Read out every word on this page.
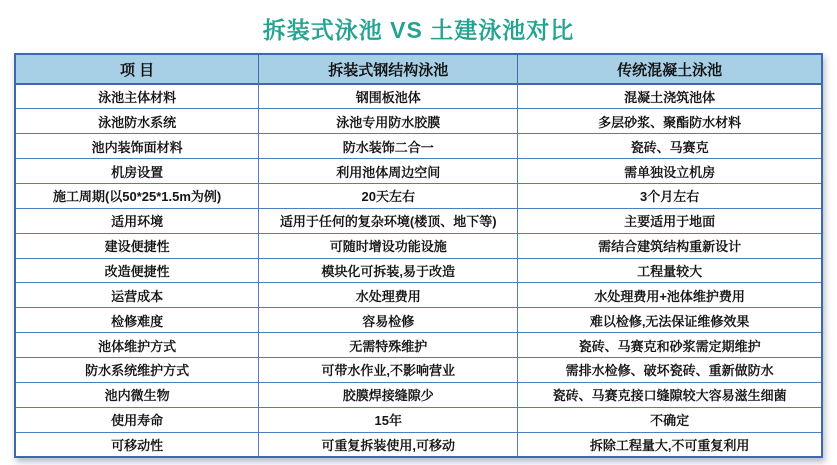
拆装式泳池 VS 土建泳池对比
项 目	拆装式钢结构泳池	传统混凝土泳池
泳池主体材料	钢围板池体	混凝土浇筑池体
泳池防水系统	泳池专用防水胶膜	多层砂浆、聚酯防水材料
池内装饰面材料	防水装饰二合一	瓷砖、马赛克
机房设置	利用池体周边空间	需单独设立机房
施工周期(以50*25*1.5m为例)	20天左右	3个月左右
适用环境	适用于任何的复杂环境(楼顶、地下等)	主要适用于地面
建设便捷性	可随时增设功能设施	需结合建筑结构重新设计
改造便捷性	模块化可拆装,易于改造	工程量较大
运营成本	水处理费用	水处理费用+池体维护费用
检修难度	容易检修	难以检修,无法保证维修效果
池体维护方式	无需特殊维护	瓷砖、马赛克和砂浆需定期维护
防水系统维护方式	可带水作业,不影响营业	需排水检修、破坏瓷砖、重新做防水
池内微生物	胶膜焊接缝隙少	瓷砖、马赛克接口缝隙较大容易滋生细菌
使用寿命	15年	不确定
可移动性	可重复拆装使用,可移动	拆除工程量大,不可重复利用
